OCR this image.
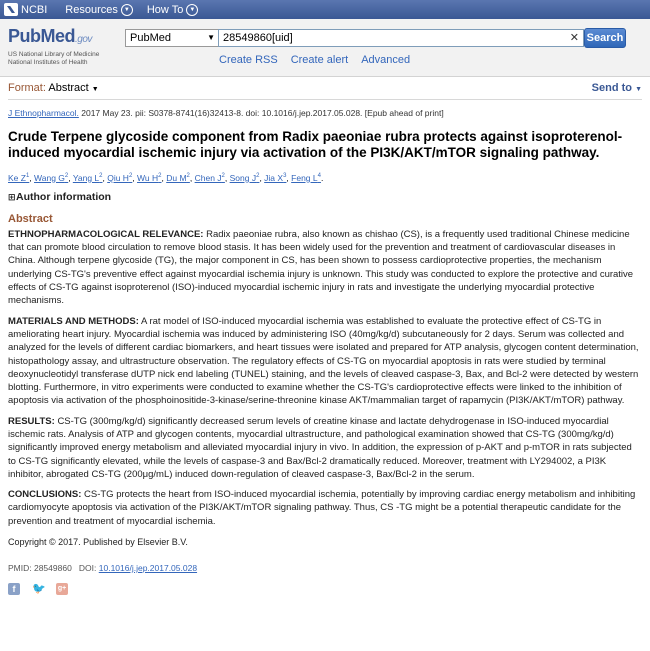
NCBI Resources	▼ How To	▼
PubMed.gov
US National Library of Medicine
National Institutes of Health
PubMed	▼ 28549860[uid]	✕ Search
Create RSS Create alert Advanced
Format: Abstract ▼	Send to ▼
J Ethnopharmacol. 2017 May 23. pii: S0378-8741(16)32413-8. doi: 10.1016/j.jep.2017.05.028. [Epub ahead of print]
Crude Terpene glycoside component from Radix paeoniae rubra protects against isoproterenol-induced myocardial ischemic injury via activation of the PI3K/AKT/mTOR signaling pathway.
Ke Z$^1$, Wang G$^2$, Yang L$^2$, Qiu H$^2$, Wu H$^2$, Du M$^2$, Chen J$^2$, Song J$^2$, Jia X$^3$, Feng L$^4$.
⊞Author information
Abstract
ETHNOPHARMACOLOGICAL RELEVANCE: Radix paeoniae rubra, also known as chishao (CS), is a frequently used traditional Chinese medicine that can promote blood circulation to remove blood stasis. It has been widely used for the prevention and treatment of cardiovascular diseases in China. Although terpene glycoside (TG), the major component in CS, has been shown to possess cardioprotective properties, the mechanism underlying CS-TG's preventive effect against myocardial ischemia injury is unknown. This study was conducted to explore the protective and curative effects of CS-TG against isoproterenol (ISO)-induced myocardial ischemic injury in rats and investigate the underlying myocardial protective mechanisms.
MATERIALS AND METHODS: A rat model of ISO-induced myocardial ischemia was established to evaluate the protective effect of CS-TG in ameliorating heart injury. Myocardial ischemia was induced by administering ISO (40mg/kg/d) subcutaneously for 2 days. Serum was collected and analyzed for the levels of different cardiac biomarkers, and heart tissues were isolated and prepared for ATP analysis, glycogen content determination, histopathology assay, and ultrastructure observation. The regulatory effects of CS-TG on myocardial apoptosis in rats were studied by terminal deoxynucleotidyl transferase dUTP nick end labeling (TUNEL) staining, and the levels of cleaved caspase-3, Bax, and Bcl-2 were detected by western blotting. Furthermore, in vitro experiments were conducted to examine whether the CS-TG's cardioprotective effects were linked to the inhibition of apoptosis via activation of the phosphoinositide-3-kinase/serine-threonine kinase AKT/mammalian target of rapamycin (PI3K/AKT/mTOR) pathway.
RESULTS: CS-TG (300mg/kg/d) significantly decreased serum levels of creatine kinase and lactate dehydrogenase in ISO-induced myocardial ischemic rats. Analysis of ATP and glycogen contents, myocardial ultrastructure, and pathological examination showed that CS-TG (300mg/kg/d) significantly improved energy metabolism and alleviated myocardial injury in vivo. In addition, the expression of p-AKT and p-mTOR in rats subjected to CS-TG significantly elevated, while the levels of caspase-3 and Bax/Bcl-2 dramatically reduced. Moreover, treatment with LY294002, a PI3K inhibitor, abrogated CS-TG (200μg/mL) induced down-regulation of cleaved caspase-3, Bax/Bcl-2 in the serum.
CONCLUSIONS: CS-TG protects the heart from ISO-induced myocardial ischemia, potentially by improving cardiac energy metabolism and inhibiting cardiomyocyte apoptosis via activation of the PI3K/AKT/mTOR signaling pathway. Thus, CS -TG might be a potential therapeutic candidate for the prevention and treatment of myocardial ischemia.
Copyright © 2017. Published by Elsevier B.V.
PMID: 28549860 DOI: 10.1016/j.jep.2017.05.028
f	🐦 g+
